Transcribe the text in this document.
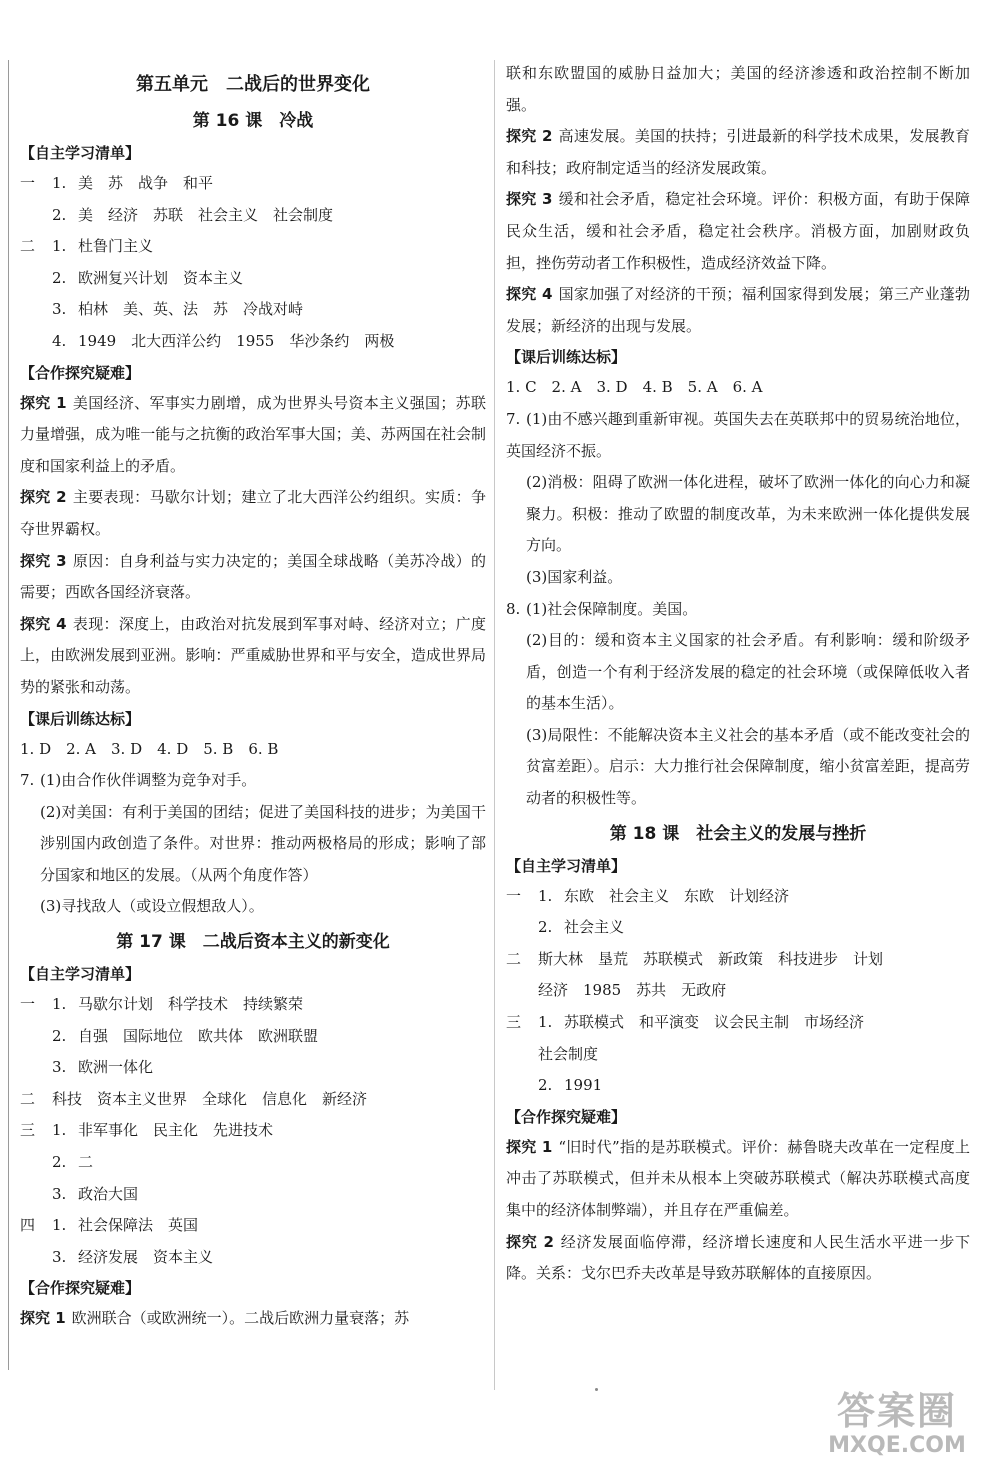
第五单元　二战后的世界变化
第 16 课　冷战
【自主学习清单】
一 1. 美　苏　战争　和平
2. 美　经济　苏联　社会主义　社会制度
二 1. 杜鲁门主义
2. 欧洲复兴计划　资本主义
3. 柏林　美、英、法　苏　冷战对峙
4. 1949　北大西洋公约　1955　华沙条约　两极
【合作探究疑难】
探究 1 美国经济、军事实力剧增，成为世界头号资本主义强国；苏联力量增强，成为唯一能与之抗衡的政治军事大国；美、苏两国在社会制度和国家利益上的矛盾。
探究 2 主要表现：马歇尔计划；建立了北大西洋公约组织。实质：争夺世界霸权。
探究 3 原因：自身利益与实力决定的；美国全球战略（美苏冷战）的需要；西欧各国经济衰落。
探究 4 表现：深度上，由政治对抗发展到军事对峙、经济对立；广度上，由欧洲发展到亚洲。影响：严重威胁世界和平与安全，造成世界局势的紧张和动荡。
【课后训练达标】
1. D　2. A　3. D　4. D　5. B　6. B
7. (1)由合作伙伴调整为竞争对手。
(2)对美国：有利于美国的团结；促进了美国科技的进步；为美国干涉别国内政创造了条件。对世界：推动两极格局的形成；影响了部分国家和地区的发展。（从两个角度作答）
(3)寻找敌人（或设立假想敌人）。
第 17 课　二战后资本主义的新变化
【自主学习清单】
一 1. 马歇尔计划　科学技术　持续繁荣
2. 自强　国际地位　欧共体　欧洲联盟
3. 欧洲一体化
二 科技　资本主义世界　全球化　信息化　新经济
三 1. 非军事化　民主化　先进技术
2. 二
3. 政治大国
四 1. 社会保障法　英国
3. 经济发展　资本主义
【合作探究疑难】
探究 1 欧洲联合（或欧洲统一）。二战后欧洲力量衰落；苏
联和东欧盟国的威胁日益加大；美国的经济渗透和政治控制不断加强。
探究 2 高速发展。美国的扶持；引进最新的科学技术成果，发展教育和科技；政府制定适当的经济发展政策。
探究 3 缓和社会矛盾，稳定社会环境。评价：积极方面，有助于保障民众生活，缓和社会矛盾，稳定社会秩序。消极方面，加剧财政负担，挫伤劳动者工作积极性，造成经济效益下降。
探究 4 国家加强了对经济的干预；福利国家得到发展；第三产业蓬勃发展；新经济的出现与发展。
【课后训练达标】
1. C　2. A　3. D　4. B　5. A　6. A
7. (1)由不感兴趣到重新审视。英国失去在英联邦中的贸易统治地位，英国经济不振。
(2)消极：阻碍了欧洲一体化进程，破坏了欧洲一体化的向心力和凝聚力。积极：推动了欧盟的制度改革，为未来欧洲一体化提供发展方向。
(3)国家利益。
8. (1)社会保障制度。美国。
(2)目的：缓和资本主义国家的社会矛盾。有利影响：缓和阶级矛盾，创造一个有利于经济发展的稳定的社会环境（或保障低收入者的基本生活）。
(3)局限性：不能解决资本主义社会的基本矛盾（或不能改变社会的贫富差距）。启示：大力推行社会保障制度，缩小贫富差距，提高劳动者的积极性等。
第 18 课　社会主义的发展与挫折
【自主学习清单】
一 1. 东欧　社会主义　东欧　计划经济
2. 社会主义
二 斯大林　垦荒　苏联模式　新政策　科技进步　计划
经济　1985　苏共　无政府
三 1. 苏联模式　和平演变　议会民主制　市场经济
社会制度
2. 1991
【合作探究疑难】
探究 1 “旧时代”指的是苏联模式。评价：赫鲁晓夫改革在一定程度上冲击了苏联模式，但并未从根本上突破苏联模式（解决苏联模式高度集中的经济体制弊端），并且存在严重偏差。
探究 2 经济发展面临停滞，经济增长速度和人民生活水平进一步下降。关系：戈尔巴乔夫改革是导致苏联解体的直接原因。
答案圈
MXQE.COM
